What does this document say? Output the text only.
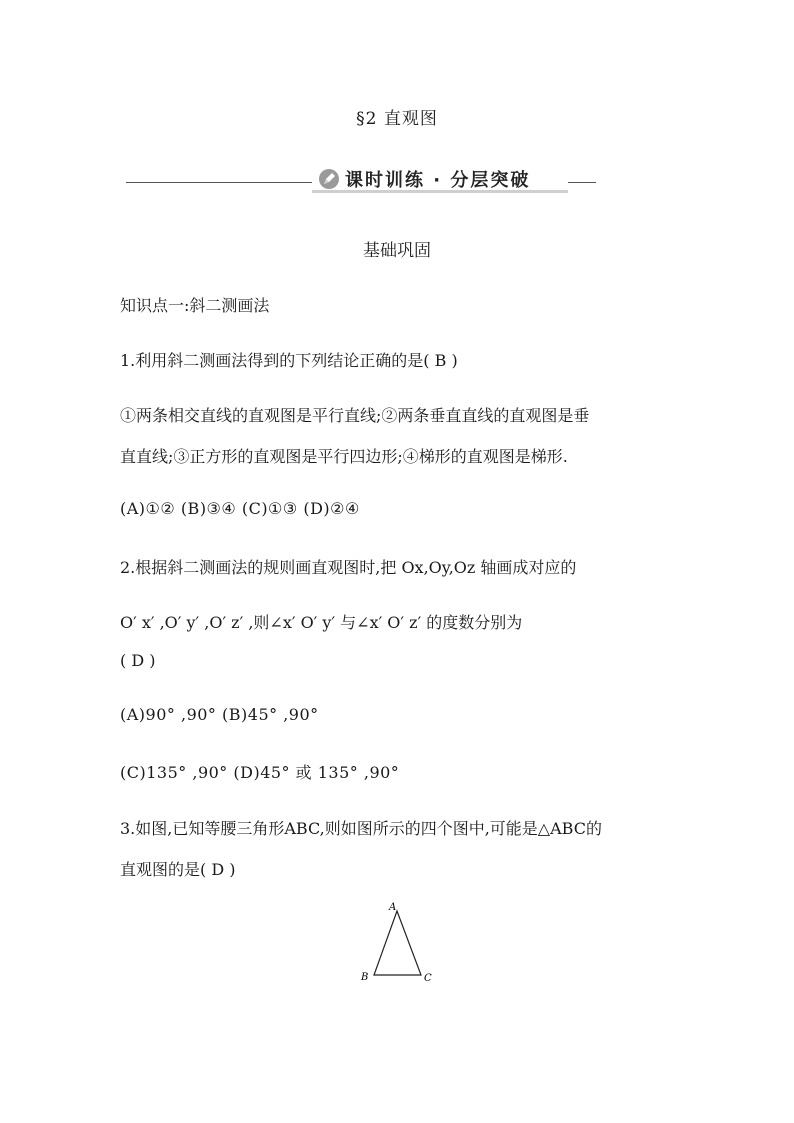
§2 直观图
课时训练 · 分层突破
基础巩固
知识点一:斜二测画法
1.利用斜二测画法得到的下列结论正确的是( B )
①两条相交直线的直观图是平行直线;②两条垂直直线的直观图是垂
直直线;③正方形的直观图是平行四边形;④梯形的直观图是梯形.
(A)①② (B)③④ (C)①③ (D)②④
2.根据斜二测画法的规则画直观图时,把 Ox,Oy,Oz 轴画成对应的
O′ x′ ,O′ y′ ,O′ z′ ,则∠x′ O′ y′ 与∠x′ O′ z′ 的度数分别为
( D )
(A)90° ,90° (B)45° ,90°
(C)135° ,90° (D)45° 或 135° ,90°
3.如图,已知等腰三角形ABC,则如图所示的四个图中,可能是△ABC的
直观图的是( D )
A
B	C
